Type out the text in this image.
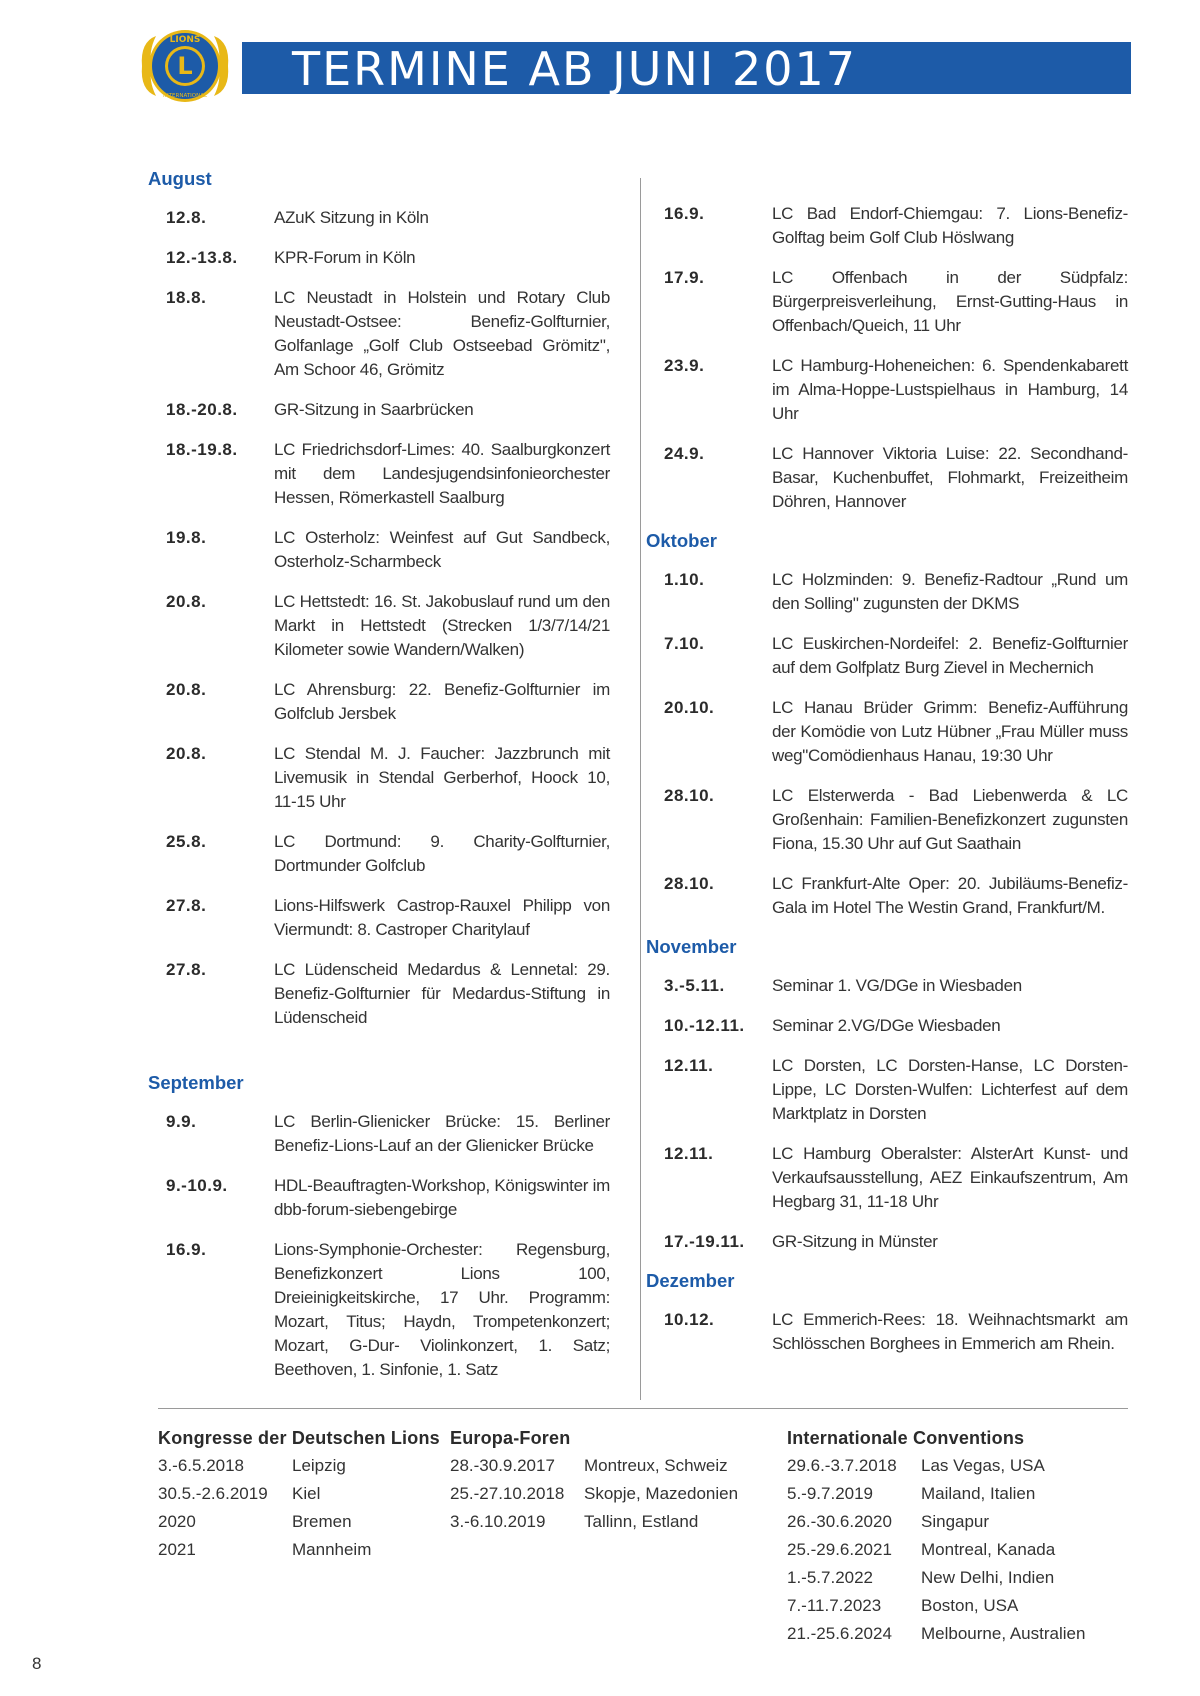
TERMINE AB JUNI 2017
L
LIONS
INTERNATIONAL
August
12.8.	AZuK Sitzung in Köln
12.-13.8.	KPR-Forum in Köln
18.8.	LC Neustadt in Holstein und Rotary Club Neustadt-Ostsee: Benefiz-Golfturnier, Golfanlage „Golf Club Ostseebad Grömitz", Am Schoor 46, Grömitz
18.-20.8.	GR-Sitzung in Saarbrücken
18.-19.8.	LC Friedrichsdorf-Limes: 40. Saalburgkonzert mit dem Landesjugendsinfonieorchester Hessen, Römerkastell Saalburg
19.8.	LC Osterholz: Weinfest auf Gut Sandbeck, Osterholz-Scharmbeck
20.8.	LC Hettstedt: 16. St. Jakobuslauf rund um den Markt in Hettstedt (Strecken 1/3/7/14/21 Kilometer sowie Wandern/Walken)
20.8.	LC Ahrensburg: 22. Benefiz-Golfturnier im Golfclub Jersbek
20.8.	LC Stendal M. J. Faucher: Jazzbrunch mit Livemusik in Stendal Gerberhof, Hoock 10, 11-15 Uhr
25.8.	LC Dortmund: 9. Charity-Golfturnier, Dortmunder Golfclub
27.8.	Lions-Hilfswerk Castrop-Rauxel Philipp von Viermundt: 8. Castroper Charitylauf
27.8.	LC Lüdenscheid Medardus & Lennetal: 29. Benefiz-Golfturnier für Medardus-Stiftung in Lüdenscheid
September
9.9.	LC Berlin-Glienicker Brücke: 15. Berliner Benefiz-Lions-Lauf an der Glienicker Brücke
9.-10.9.	HDL-Beauftragten-Workshop, Königswinter im dbb-forum-siebengebirge
16.9.	Lions-Symphonie-Orchester: Regensburg, Benefizkonzert Lions 100, Dreieinigkeitskirche, 17 Uhr. Programm: Mozart, Titus; Haydn, Trompetenkonzert; Mozart, G-Dur- Violinkonzert, 1. Satz; Beethoven, 1. Sinfonie, 1. Satz
16.9.	LC Bad Endorf-Chiemgau: 7. Lions-Benefiz-Golftag beim Golf Club Höslwang
17.9.	LC Offenbach in der Südpfalz: Bürgerpreisverleihung, Ernst-Gutting-Haus in Offenbach/Queich, 11 Uhr
23.9.	LC Hamburg-Hoheneichen: 6. Spendenkabarett im Alma-Hoppe-Lustspielhaus in Hamburg, 14 Uhr
24.9.	LC Hannover Viktoria Luise: 22. Secondhand-Basar, Kuchenbuffet, Flohmarkt, Freizeitheim Döhren, Hannover
Oktober
1.10.	LC Holzminden: 9. Benefiz-Radtour „Rund um den Solling" zugunsten der DKMS
7.10.	LC Euskirchen-Nordeifel: 2. Benefiz-Golfturnier auf dem Golfplatz Burg Zievel in Mechernich
20.10.	LC Hanau Brüder Grimm: Benefiz-Aufführung der Komödie von Lutz Hübner „Frau Müller muss weg"Comödienhaus Hanau, 19:30 Uhr
28.10.	LC Elsterwerda - Bad Liebenwerda & LC Großenhain: Familien-Benefizkonzert zugunsten Fiona, 15.30 Uhr auf Gut Saathain
28.10.	LC Frankfurt-Alte Oper: 20. Jubiläums-Benefiz-Gala im Hotel The Westin Grand, Frankfurt/M.
November
3.-5.11.	Seminar 1. VG/DGe in Wiesbaden
10.-12.11.	Seminar 2.VG/DGe Wiesbaden
12.11.	LC Dorsten, LC Dorsten-Hanse, LC Dorsten-Lippe, LC Dorsten-Wulfen: Lichterfest auf dem Marktplatz in Dorsten
12.11.	LC Hamburg Oberalster: AlsterArt Kunst- und Verkaufsausstellung, AEZ Einkaufszentrum, Am Hegbarg 31, 11-18 Uhr
17.-19.11.	GR-Sitzung in Münster
Dezember
10.12.	LC Emmerich-Rees: 18. Weihnachtsmarkt am Schlösschen Borghees in Emmerich am Rhein.
Kongresse der Deutschen Lions
3.-6.5.2018	Leipzig
30.5.-2.6.2019	Kiel
2020	Bremen
2021	Mannheim
Europa-Foren
28.-30.9.2017	Montreux, Schweiz
25.-27.10.2018	Skopje, Mazedonien
3.-6.10.2019	Tallinn, Estland
Internationale Conventions
29.6.-3.7.2018	Las Vegas, USA
5.-9.7.2019	Mailand, Italien
26.-30.6.2020	Singapur
25.-29.6.2021	Montreal, Kanada
1.-5.7.2022	New Delhi, Indien
7.-11.7.2023	Boston, USA
21.-25.6.2024	Melbourne, Australien
8
